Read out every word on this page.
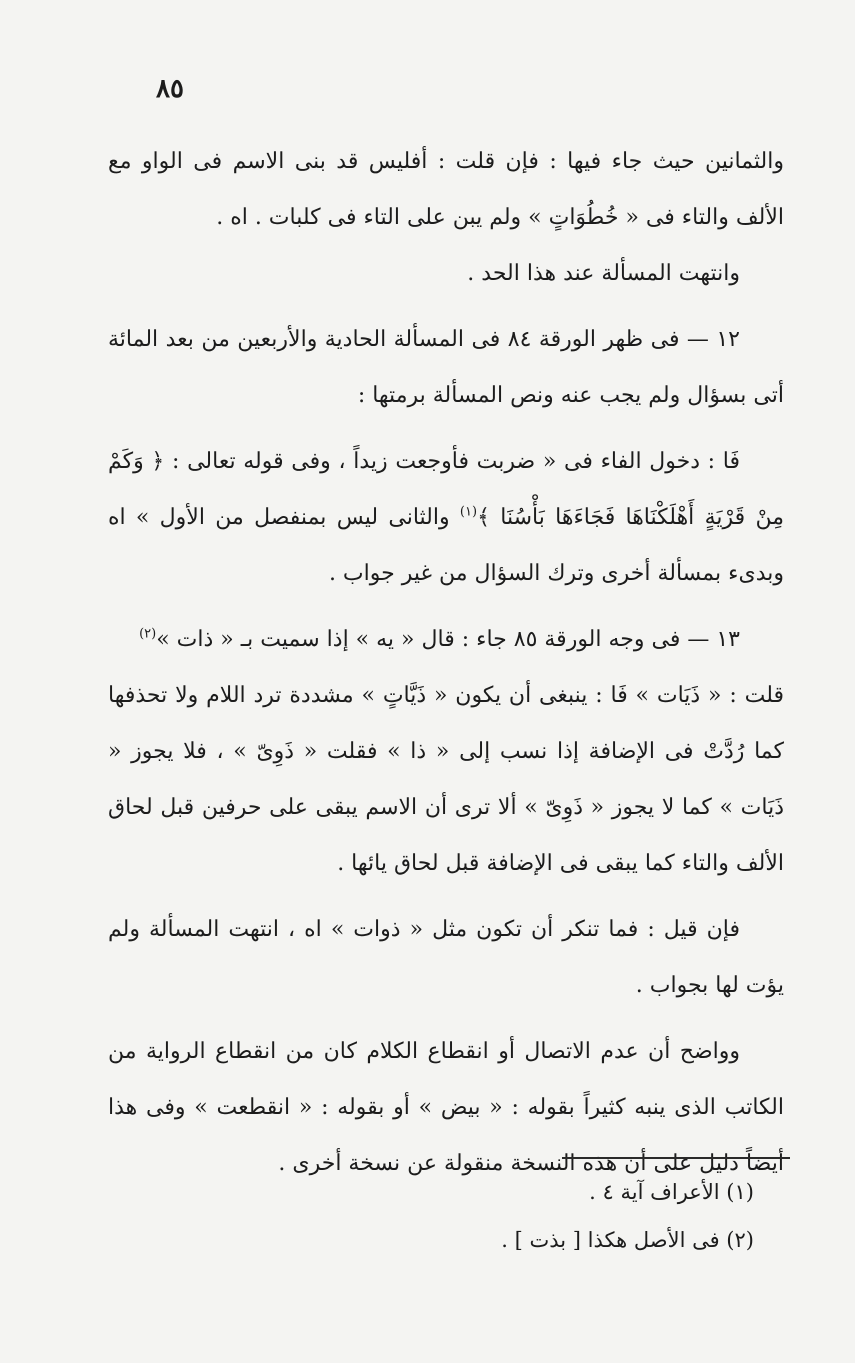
٨٥

والثمانين حيث جاء فيها : فإن قلت : أفليس قد بنى الاسم فى الواو مع الألف والتاء فى « خُطُوَاتٍ » ولم يبن على التاء فى كلبات . اه .

وانتهت المسألة عند هذا الحد .

١٢ — فى ظهر الورقة ٨٤ فى المسألة الحادية والأربعين من بعد المائة أتى بسؤال ولم يجب عنه ونص المسألة برمتها :

فَا : دخول الفاء فى « ضربت فأوجعت زيداً ، وفى قوله تعالى : ﴿ وَكَمْ مِنْ قَرْيَةٍ أَهْلَكْنَاهَا فَجَاءَهَا بَأْسُنَا ﴾$^{(١)}$ والثانى ليس بمنفصل من الأول » اه وبدىء بمسألة أخرى وترك السؤال من غير جواب .

١٣ — فى وجه الورقة ٨٥ جاء : قال « يه » إذا سميت بـ « ذات »$^{(٢)}$

قلت : « ذَيَات » فَا : ينبغى أن يكون « ذَيَّاتٍ » مشددة ترد اللام ولا تحذفها كما رُدَّتْ فى الإضافة إذا نسب إلى « ذا » فقلت « ذَوِىّ » ، فلا يجوز « ذَيَات » كما لا يجوز « ذَوِىّ » ألا ترى أن الاسم يبقى على حرفين قبل لحاق الألف والتاء كما يبقى فى الإضافة قبل لحاق يائها .

فإن قيل : فما تنكر أن تكون مثل « ذوات » اه ، انتهت المسألة ولم يؤت لها بجواب .

وواضح أن عدم الاتصال أو انقطاع الكلام كان من انقطاع الرواية من الكاتب الذى ينبه كثيراً بقوله : « بيض » أو بقوله : « انقطعت » وفى هذا أيضاً دليل على أن هذه النسخة منقولة عن نسخة أخرى .

(١) الأعراف آية ٤ .
(٢) فى الأصل هكذا [ بذت ] .
